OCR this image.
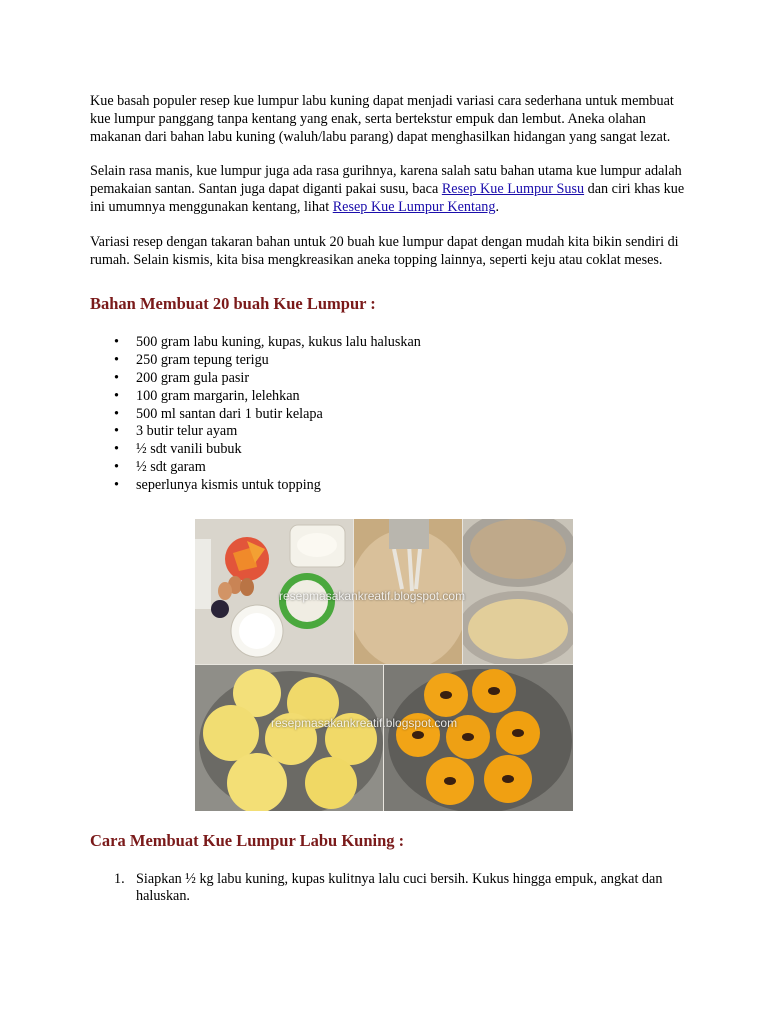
Kue basah populer resep kue lumpur labu kuning dapat menjadi variasi cara sederhana untuk membuat kue lumpur panggang tanpa kentang yang enak, serta bertekstur empuk dan lembut. Aneka olahan makanan dari bahan labu kuning (waluh/labu parang) dapat menghasilkan hidangan yang sangat lezat.

Selain rasa manis, kue lumpur juga ada rasa gurihnya, karena salah satu bahan utama kue lumpur adalah pemakaian santan. Santan juga dapat diganti pakai susu, baca Resep Kue Lumpur Susu dan ciri khas kue ini umumnya menggunakan kentang, lihat Resep Kue Lumpur Kentang.

Variasi resep dengan takaran bahan untuk 20 buah kue lumpur dapat dengan mudah kita bikin sendiri di rumah. Selain kismis, kita bisa mengkreasikan aneka topping lainnya, seperti keju atau coklat meses.

Bahan Membuat 20 buah Kue Lumpur :
• 500 gram labu kuning, kupas, kukus lalu haluskan
• 250 gram tepung terigu
• 200 gram gula pasir
• 100 gram margarin, lelehkan
• 500 ml santan dari 1 butir kelapa
• 3 butir telur ayam
• ½ sdt vanili bubuk
• ½ sdt garam
• seperlunya kismis untuk topping
resepmasakankreatif.blogspot.com
resepmasakankreatif.blogspot.com
Cara Membuat Kue Lumpur Labu Kuning :
1. Siapkan ½ kg labu kuning, kupas kulitnya lalu cuci bersih. Kukus hingga empuk, angkat dan haluskan.
